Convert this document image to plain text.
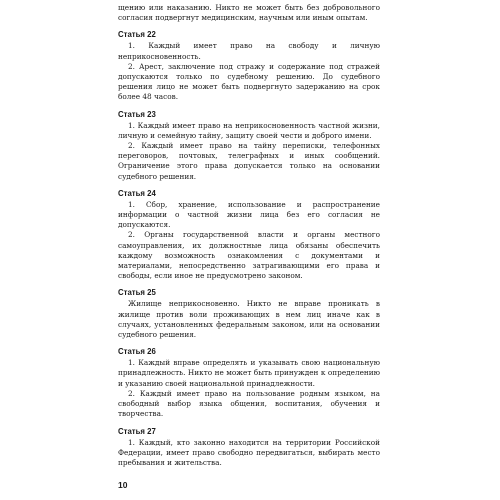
щению или наказанию. Никто не может быть без добровольного согласия подвергнут медицинским, научным или иным опытам.

Статья 22

1. Каждый имеет право на свободу и личную неприкосновенность.

2. Арест, заключение под стражу и содержание под стражей допускаются только по судебному решению. До судебного решения лицо не может быть подвергнуто задержанию на срок более 48 часов.

Статья 23

1. Каждый имеет право на неприкосновенность частной жизни, личную и семейную тайну, защиту своей чести и доброго имени.

2. Каждый имеет право на тайну переписки, телефонных переговоров, почтовых, телеграфных и иных сообщений. Ограничение этого права допускается только на основании судебного решения.

Статья 24

1. Сбор, хранение, использование и распространение информации о частной жизни лица без его согласия не допускаются.

2. Органы государственной власти и органы местного самоуправления, их должностные лица обязаны обеспечить каждому возможность ознакомления с документами и материалами, непосредственно затрагивающими его права и свободы, если иное не предусмотрено законом.

Статья 25

Жилище неприкосновенно. Никто не вправе проникать в жилище против воли проживающих в нем лиц иначе как в случаях, установленных федеральным законом, или на основании судебного решения.

Статья 26

1. Каждый вправе определять и указывать свою национальную принадлежность. Никто не может быть принужден к определению и указанию своей национальной принадлежности.

2. Каждый имеет право на пользование родным языком, на свободный выбор языка общения, воспитания, обучения и творчества.

Статья 27

1. Каждый, кто законно находится на территории Российской Федерации, имеет право свободно передвигаться, выбирать место пребывания и жительства.

10
